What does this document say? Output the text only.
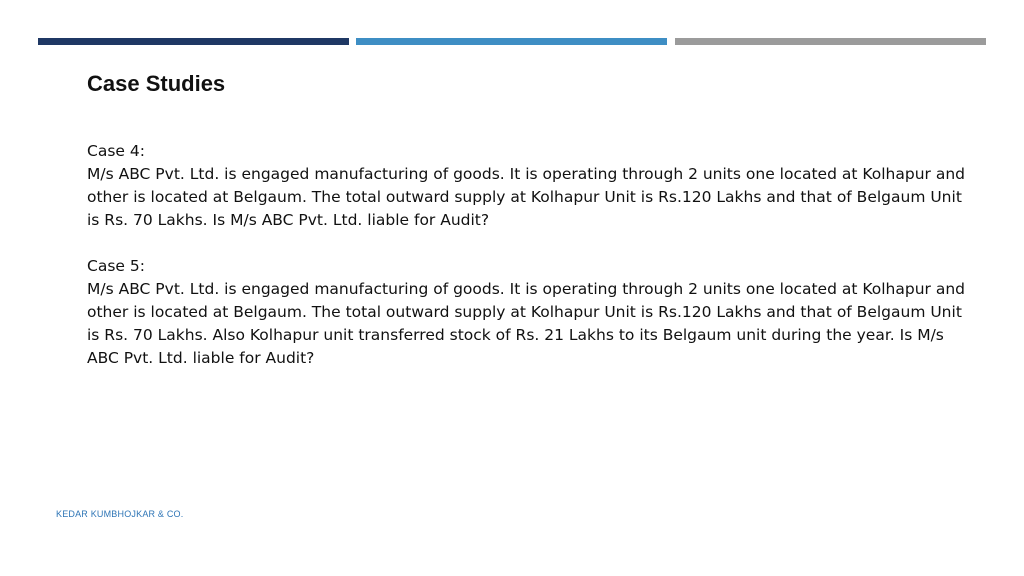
Case Studies

Case 4:

M/s ABC Pvt. Ltd. is engaged manufacturing of goods. It is operating through 2 units one located at Kolhapur and other is located at Belgaum. The total outward supply at Kolhapur Unit is Rs.120 Lakhs and that of Belgaum Unit is Rs. 70 Lakhs. Is M/s ABC Pvt. Ltd. liable for Audit?

Case 5:

M/s ABC Pvt. Ltd. is engaged manufacturing of goods. It is operating through 2 units one located at Kolhapur and other is located at Belgaum. The total outward supply at Kolhapur Unit is Rs.120 Lakhs and that of Belgaum Unit is Rs. 70 Lakhs. Also Kolhapur unit transferred stock of Rs. 21 Lakhs to its Belgaum unit during the year. Is M/s ABC Pvt. Ltd. liable for Audit?

KEDAR KUMBHOJKAR & CO.
